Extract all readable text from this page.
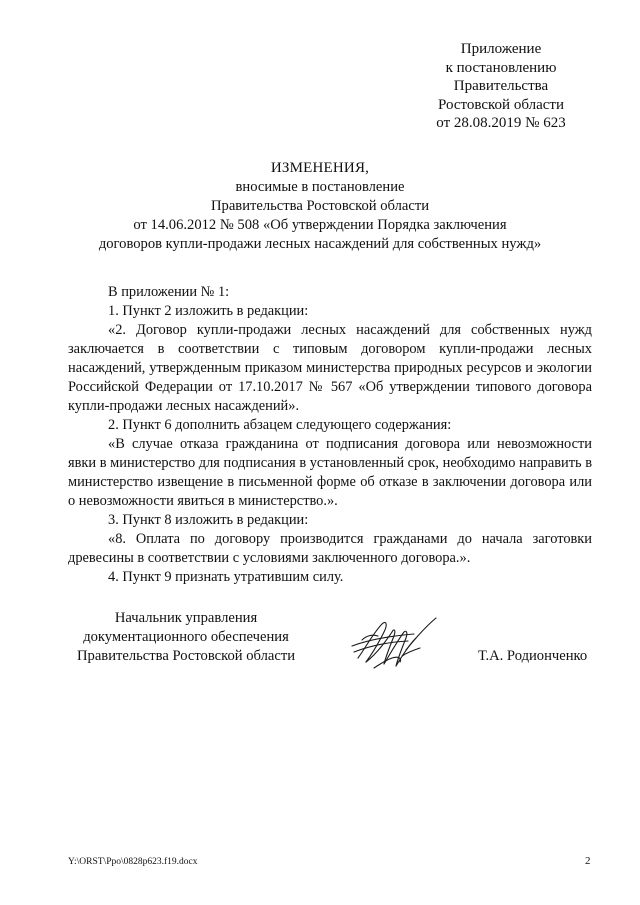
Приложение
к постановлению
Правительства
Ростовской области
от 28.08.2019 № 623
ИЗМЕНЕНИЯ,
вносимые в постановление
Правительства Ростовской области
от 14.06.2012 № 508 «Об утверждении Порядка заключения
договоров купли-продажи лесных насаждений для собственных нужд»

В приложении № 1:

1. Пункт 2 изложить в редакции:

«2. Договор купли-продажи лесных насаждений для собственных нужд заключается в соответствии с типовым договором купли-продажи лесных насаждений, утвержденным приказом министерства природных ресурсов и экологии Российской Федерации от 17.10.2017 № 567 «Об утверждении типового договора купли-продажи лесных насаждений».

2. Пункт 6 дополнить абзацем следующего содержания:

«В случае отказа гражданина от подписания договора или невозможности явки в министерство для подписания в установленный срок, необходимо направить в министерство извещение в письменной форме об отказе в заключении договора или о невозможности явиться в министерство.».

3. Пункт 8 изложить в редакции:

«8. Оплата по договору производится гражданами до начала заготовки древесины в соответствии с условиями заключенного договора.».

4. Пункт 9 признать утратившим силу.

Начальник управления
документационного обеспечения
Правительства Ростовской области	Т.А. Родионченко
Y:\ORST\Ppo\0828p623.f19.docx	2
